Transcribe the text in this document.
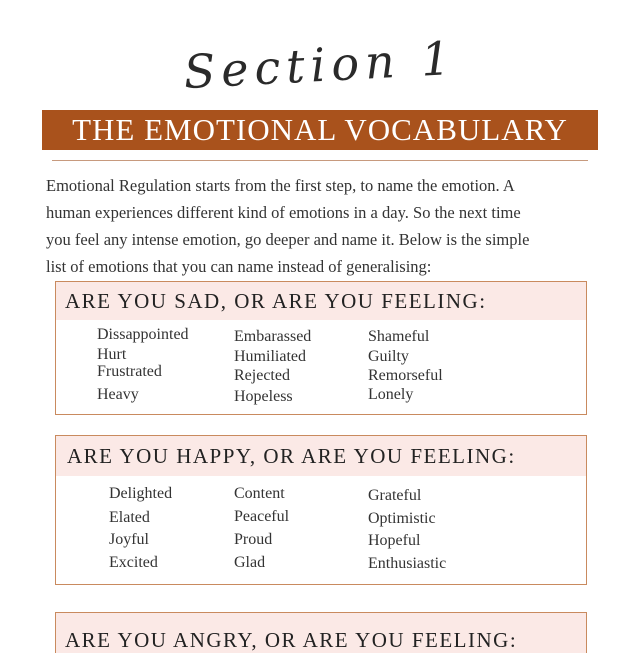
Section 1
THE EMOTIONAL VOCABULARY

Emotional Regulation starts from the first step, to name the emotion. A

human experiences different kind of emotions in a day. So the next time

you feel any intense emotion, go deeper and name it. Below is the simple

list of emotions that you can name instead of generalising:

ARE YOU SAD, OR ARE YOU FEELING:
Dissappointed
Hurt
Frustrated
Heavy
Embarassed
Humiliated
Rejected
Hopeless
Shameful
Guilty
Remorseful
Lonely
ARE YOU HAPPY, OR ARE YOU FEELING:
Delighted
Elated
Joyful
Excited
Content
Peaceful
Proud
Glad
Grateful
Optimistic
Hopeful
Enthusiastic
ARE YOU ANGRY, OR ARE YOU FEELING:
